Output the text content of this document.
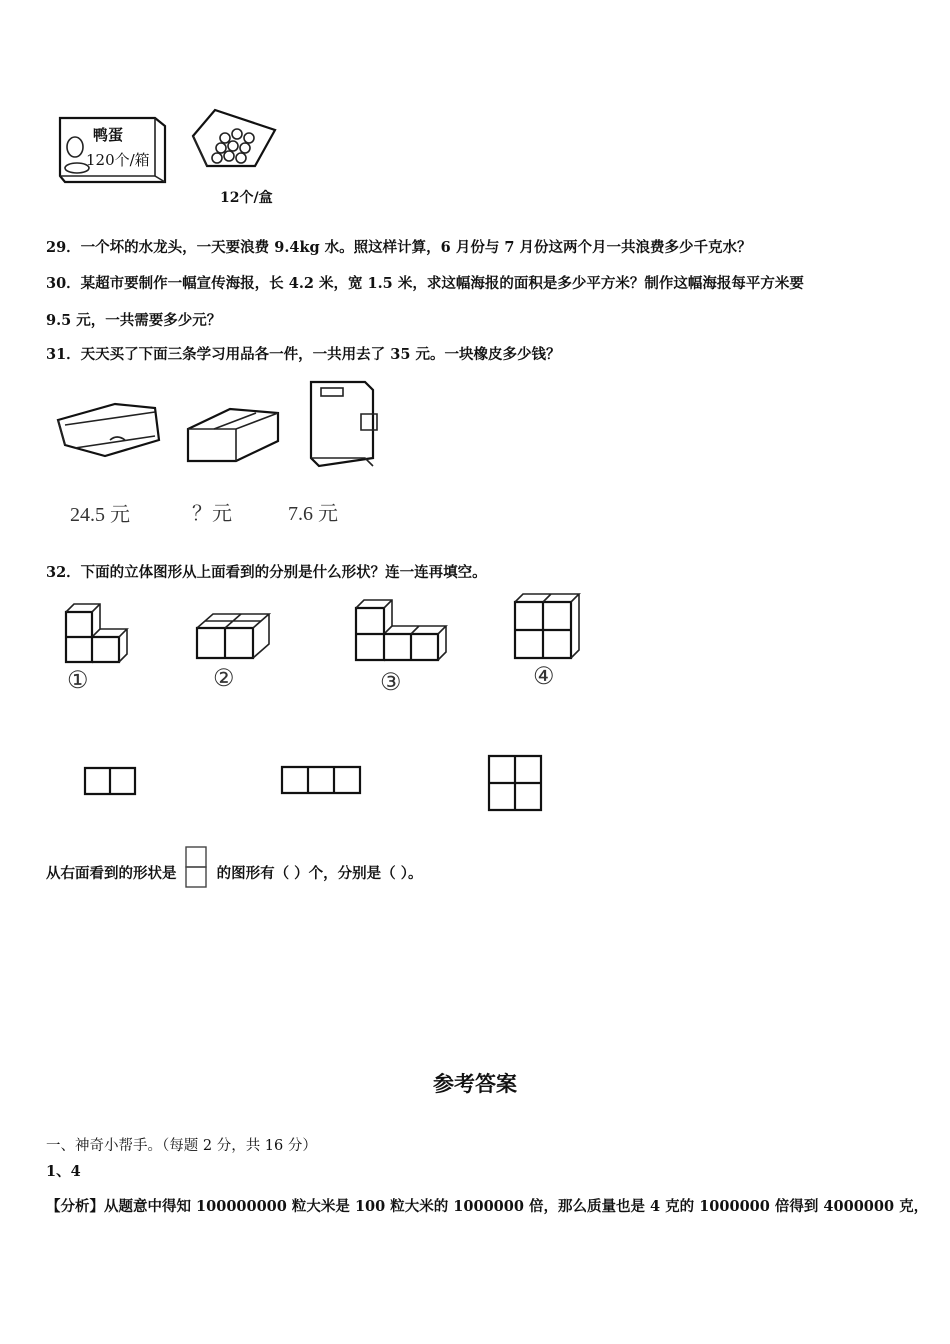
鸭蛋
120个/箱
12个/盒
29．一个坏的水龙头，一天要浪费 9.4kg 水。照这样计算，6 月份与 7 月份这两个月一共浪费多少千克水？
30．某超市要制作一幅宣传海报，长 4.2 米，宽 1.5 米，求这幅海报的面积是多少平方米？制作这幅海报每平方米要
9.5 元，一共需要多少元？
31．天天买了下面三条学习用品各一件，一共用去了 35 元。一块橡皮多少钱？
24.5 元	？元	7.6 元
32．下面的立体图形从上面看到的分别是什么形状？连一连再填空。
①	②	③	④
从右面看到的形状是	的图形有（ ）个，分别是（ ）。
参考答案
一、神奇小帮手。（每题 2 分，共 16 分）
1、4
【分析】从题意中得知 100000000 粒大米是 100 粒大米的 1000000 倍，那么质量也是 4 克的 1000000 倍得到 4000000 克，
